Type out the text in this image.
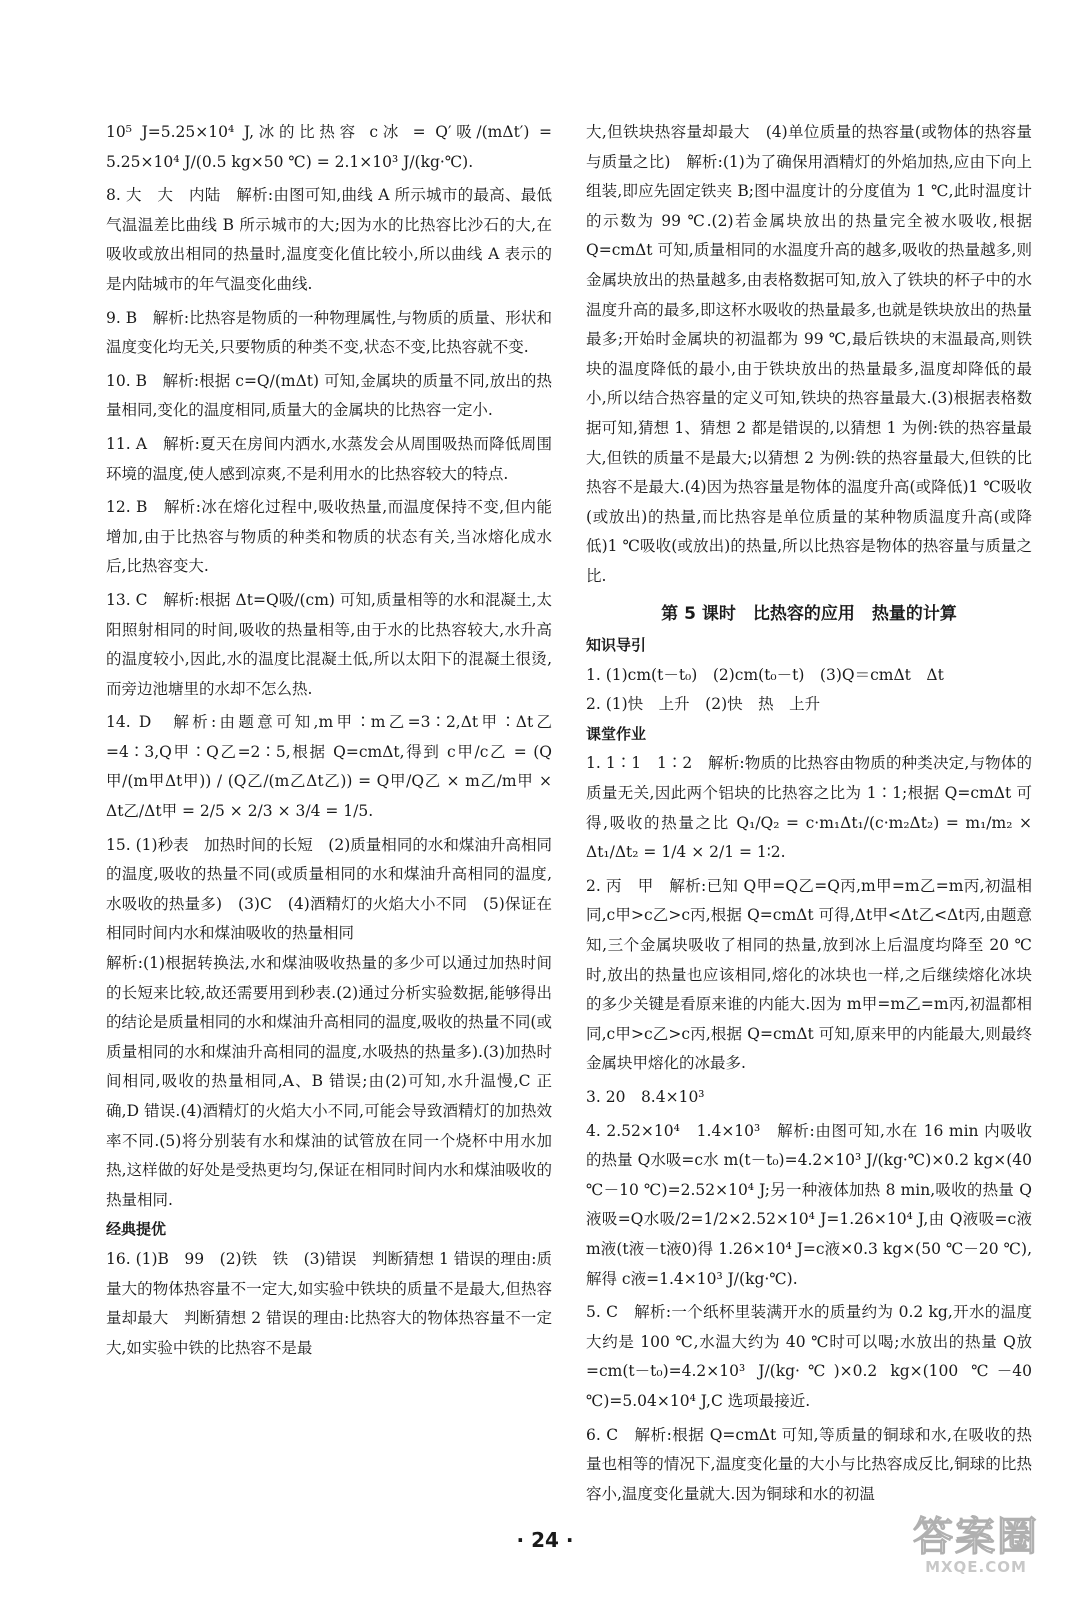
10⁵ J=5.25×10⁴ J,冰的比热容 c冰 = Q′吸/(mΔt′) = 5.25×10⁴ J/(0.5 kg×50 ℃) = 2.1×10³ J/(kg·℃).

8. 大　大　内陆　解析:由图可知,曲线 A 所示城市的最高、最低气温温差比曲线 B 所示城市的大;因为水的比热容比沙石的大,在吸收或放出相同的热量时,温度变化值比较小,所以曲线 A 表示的是内陆城市的年气温变化曲线.

9. B　解析:比热容是物质的一种物理属性,与物质的质量、形状和温度变化均无关,只要物质的种类不变,状态不变,比热容就不变.

10. B　解析:根据 c=Q/(mΔt) 可知,金属块的质量不同,放出的热量相同,变化的温度相同,质量大的金属块的比热容一定小.

11. A　解析:夏天在房间内洒水,水蒸发会从周围吸热而降低周围环境的温度,使人感到凉爽,不是利用水的比热容较大的特点.

12. B　解析:冰在熔化过程中,吸收热量,而温度保持不变,但内能增加,由于比热容与物质的种类和物质的状态有关,当冰熔化成水后,比热容变大.

13. C　解析:根据 Δt=Q吸/(cm) 可知,质量相等的水和混凝土,太阳照射相同的时间,吸收的热量相等,由于水的比热容较大,水升高的温度较小,因此,水的温度比混凝土低,所以太阳下的混凝土很烫,而旁边池塘里的水却不怎么热.

14. D　解析:由题意可知,m甲∶m乙=3∶2,Δt甲∶Δt乙=4∶3,Q甲∶Q乙=2∶5,根据 Q=cmΔt,得到 c甲/c乙 = (Q甲/(m甲Δt甲)) / (Q乙/(m乙Δt乙)) = Q甲/Q乙 × m乙/m甲 × Δt乙/Δt甲 = 2/5 × 2/3 × 3/4 = 1/5.

15. (1)秒表　加热时间的长短　(2)质量相同的水和煤油升高相同的温度,吸收的热量不同(或质量相同的水和煤油升高相同的温度,水吸收的热量多)　(3)C　(4)酒精灯的火焰大小不同　(5)保证在相同时间内水和煤油吸收的热量相同

解析:(1)根据转换法,水和煤油吸收热量的多少可以通过加热时间的长短来比较,故还需要用到秒表.(2)通过分析实验数据,能够得出的结论是质量相同的水和煤油升高相同的温度,吸收的热量不同(或质量相同的水和煤油升高相同的温度,水吸热的热量多).(3)加热时间相同,吸收的热量相同,A、B 错误;由(2)可知,水升温慢,C 正确,D 错误.(4)酒精灯的火焰大小不同,可能会导致酒精灯的加热效率不同.(5)将分别装有水和煤油的试管放在同一个烧杯中用水加热,这样做的好处是受热更均匀,保证在相同时间内水和煤油吸收的热量相同.

经典提优

16. (1)B　99　(2)铁　铁　(3)错误　判断猜想 1 错误的理由:质量大的物体热容量不一定大,如实验中铁块的质量不是最大,但热容量却最大　判断猜想 2 错误的理由:比热容大的物体热容量不一定大,如实验中铁的比热容不是最

大,但铁块热容量却最大　(4)单位质量的热容量(或物体的热容量与质量之比)　解析:(1)为了确保用酒精灯的外焰加热,应由下向上组装,即应先固定铁夹 B;图中温度计的分度值为 1 ℃,此时温度计的示数为 99 ℃.(2)若金属块放出的热量完全被水吸收,根据 Q=cmΔt 可知,质量相同的水温度升高的越多,吸收的热量越多,则金属块放出的热量越多,由表格数据可知,放入了铁块的杯子中的水温度升高的最多,即这杯水吸收的热量最多,也就是铁块放出的热量最多;开始时金属块的初温都为 99 ℃,最后铁块的末温最高,则铁块的温度降低的最小,由于铁块放出的热量最多,温度却降低的最小,所以结合热容量的定义可知,铁块的热容量最大.(3)根据表格数据可知,猜想 1、猜想 2 都是错误的,以猜想 1 为例:铁的热容量最大,但铁的质量不是最大;以猜想 2 为例:铁的热容量最大,但铁的比热容不是最大.(4)因为热容量是物体的温度升高(或降低)1 ℃吸收(或放出)的热量,而比热容是单位质量的某种物质温度升高(或降低)1 ℃吸收(或放出)的热量,所以比热容是物体的热容量与质量之比.

第 5 课时　比热容的应用　热量的计算

知识导引

1. (1)cm(t－t₀)　(2)cm(t₀－t)　(3)Q＝cmΔt　Δt

2. (1)快　上升　(2)快　热　上升

课堂作业

1. 1∶1　1∶2　解析:物质的比热容由物质的种类决定,与物体的质量无关,因此两个铝块的比热容之比为 1∶1;根据 Q=cmΔt 可得,吸收的热量之比 Q₁/Q₂ = c·m₁Δt₁/(c·m₂Δt₂) = m₁/m₂ × Δt₁/Δt₂ = 1/4 × 2/1 = 1∶2.

2. 丙　甲　解析:已知 Q甲=Q乙=Q丙,m甲=m乙=m丙,初温相同,c甲>c乙>c丙,根据 Q=cmΔt 可得,Δt甲<Δt乙<Δt丙,由题意知,三个金属块吸收了相同的热量,放到冰上后温度均降至 20 ℃时,放出的热量也应该相同,熔化的冰块也一样,之后继续熔化冰块的多少关键是看原来谁的内能大.因为 m甲=m乙=m丙,初温都相同,c甲>c乙>c丙,根据 Q=cmΔt 可知,原来甲的内能最大,则最终金属块甲熔化的冰最多.

3. 20　8.4×10³

4. 2.52×10⁴　1.4×10³　解析:由图可知,水在 16 min 内吸收的热量 Q水吸=c水 m(t－t₀)=4.2×10³ J/(kg·℃)×0.2 kg×(40 ℃－10 ℃)=2.52×10⁴ J;另一种液体加热 8 min,吸收的热量 Q液吸=Q水吸/2=1/2×2.52×10⁴ J=1.26×10⁴ J,由 Q液吸=c液m液(t液－t液0)得 1.26×10⁴ J=c液×0.3 kg×(50 ℃－20 ℃),解得 c液=1.4×10³ J/(kg·℃).

5. C　解析:一个纸杯里装满开水的质量约为 0.2 kg,开水的温度大约是 100 ℃,水温大约为 40 ℃时可以喝;水放出的热量 Q放=cm(t－t₀)=4.2×10³ J/(kg·℃)×0.2 kg×(100 ℃－40 ℃)=5.04×10⁴ J,C 选项最接近.

6. C　解析:根据 Q=cmΔt 可知,等质量的铜球和水,在吸收的热量也相等的情况下,温度变化量的大小与比热容成反比,铜球的比热容小,温度变化量就大.因为铜球和水的初温

· 24 ·	答案圈
MXQE.COM
